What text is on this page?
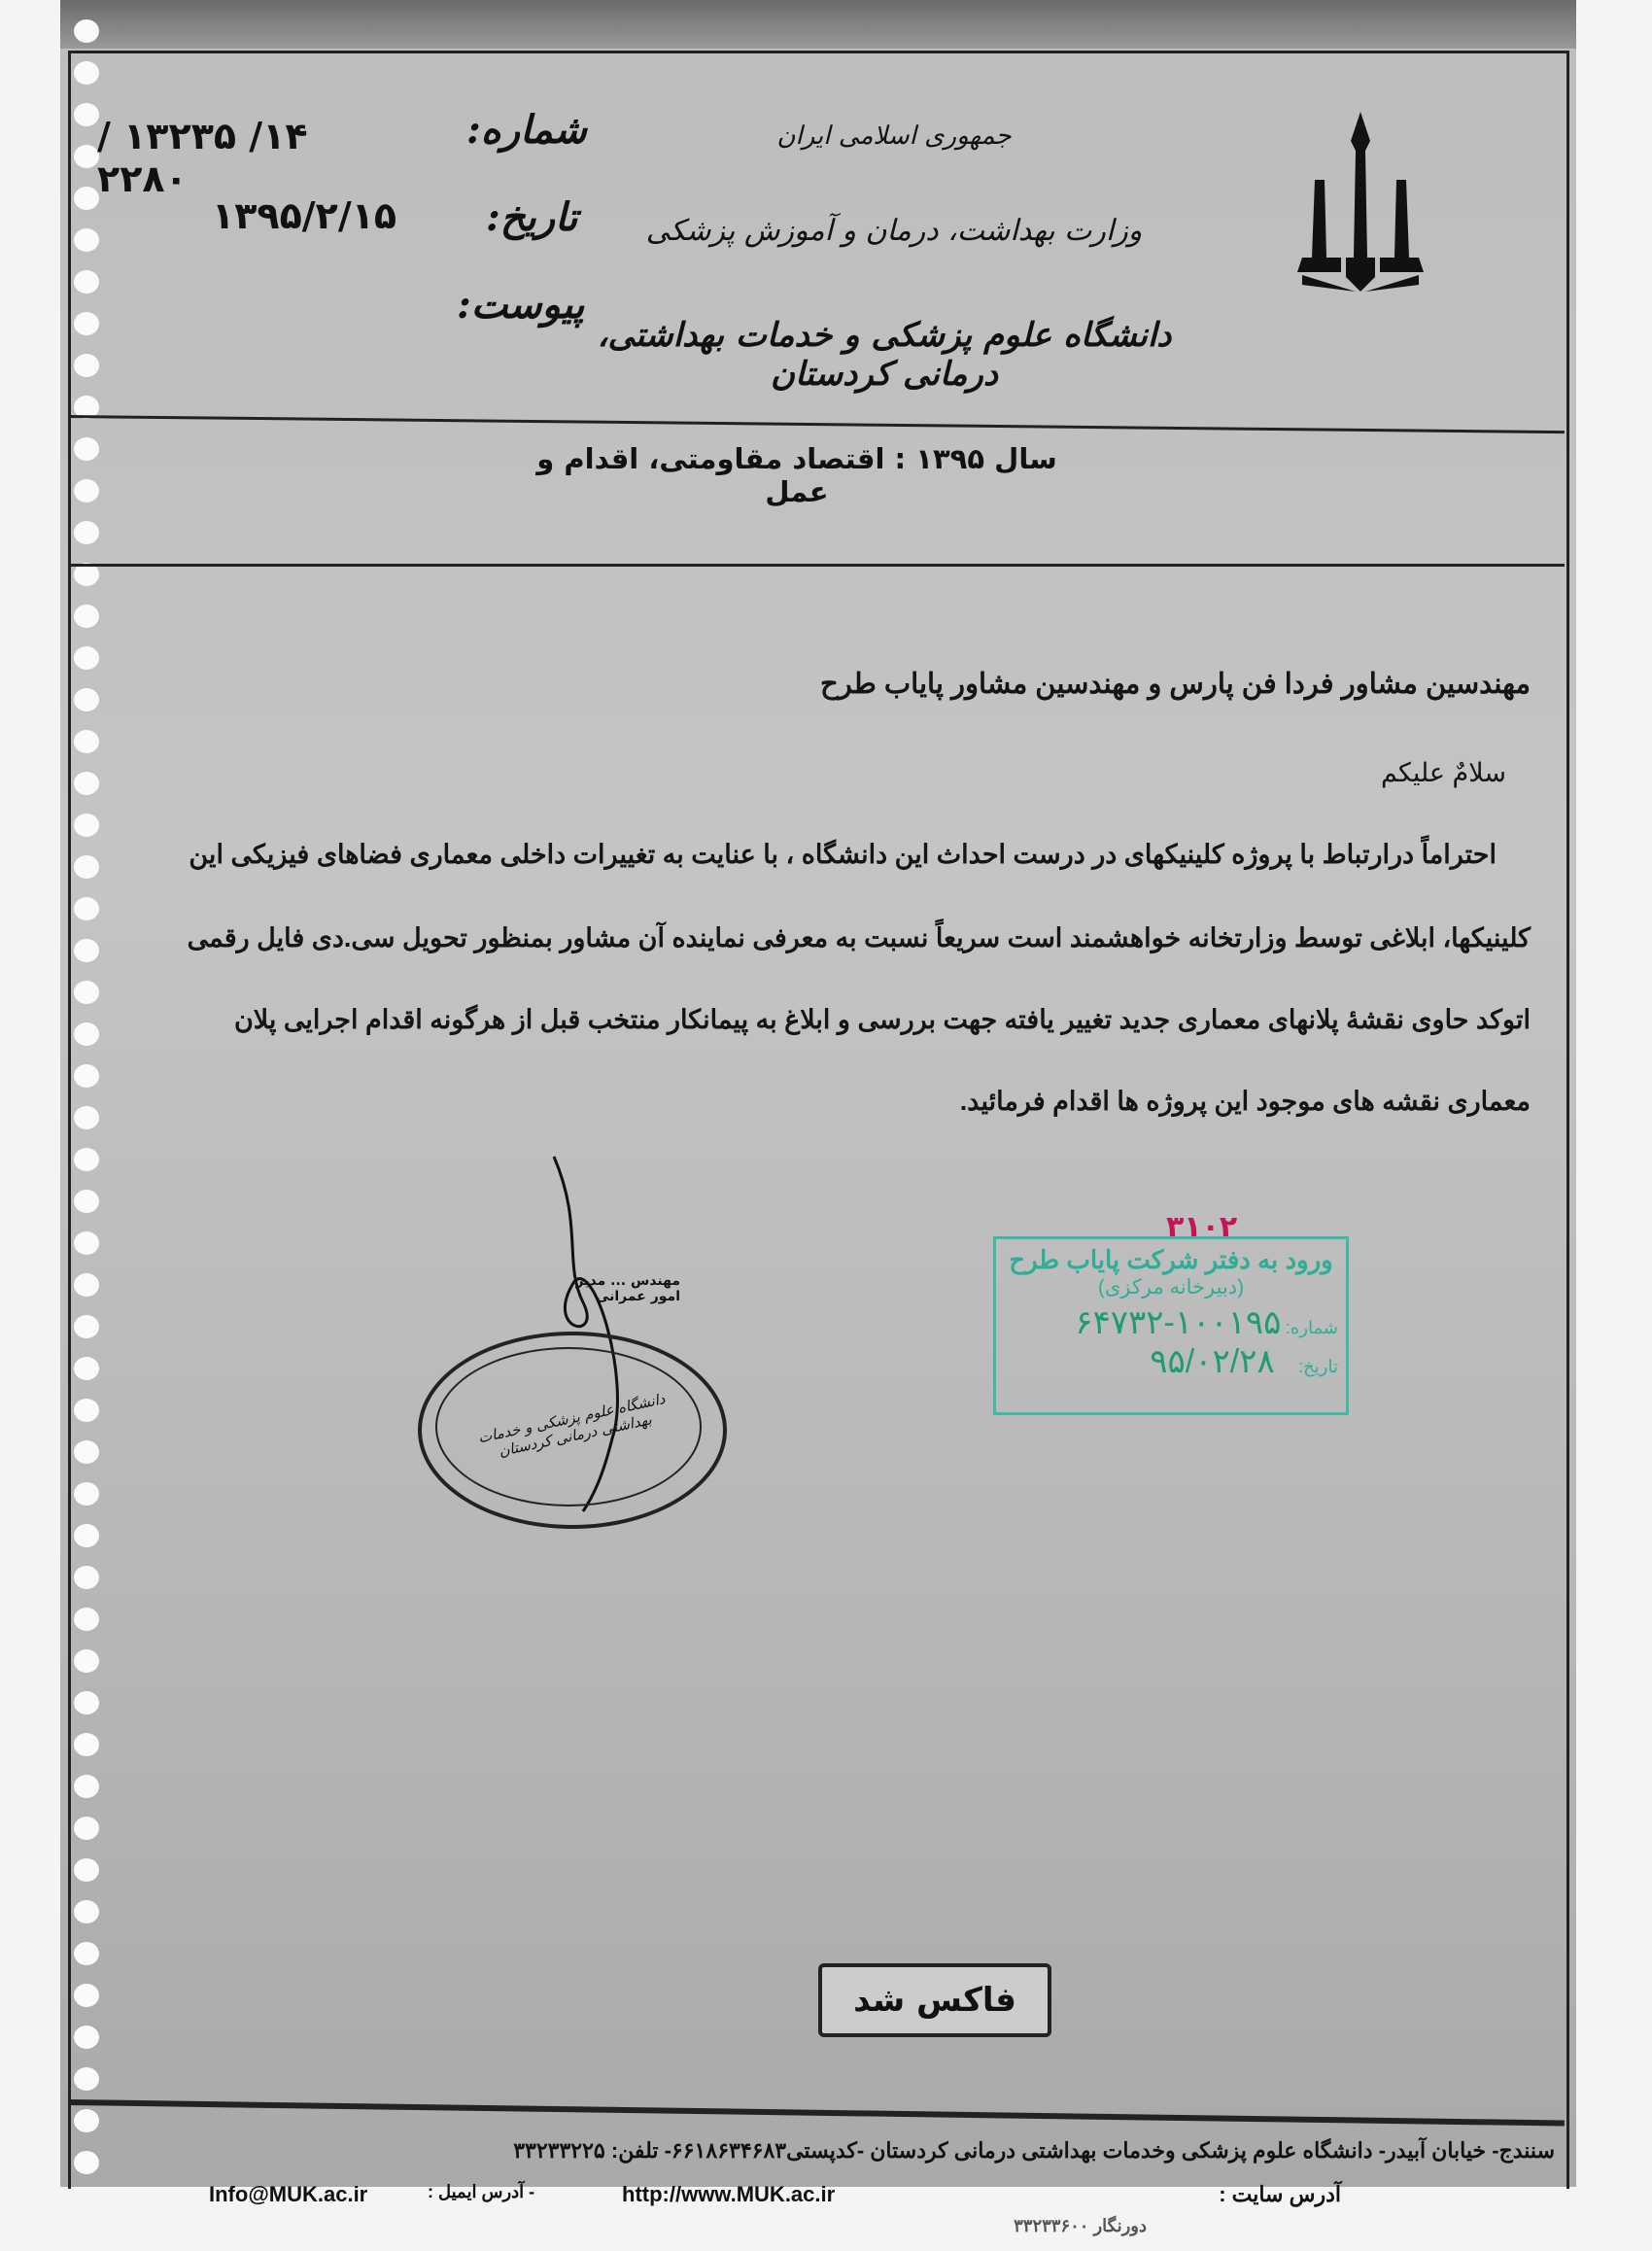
۱۴/ ۱۳۲۳۵ / ۲۲۸۰
شماره:
۱۳۹۵/۲/۱۵ تاریخ:
پیوست:
جمهوری اسلامی ایران
وزارت بهداشت، درمان و آموزش پزشکی
دانشگاه علوم پزشکی و خدمات بهداشتی، درمانی کردستان
سال ۱۳۹۵ : اقتصاد مقاومتی، اقدام و عمل
مهندسین مشاور فردا فن پارس و مهندسین مشاور پایاب طرح
سلامٌ علیکم
احتراماً درارتباط با پروژه کلینیکهای در درست احداث این دانشگاه ، با عنایت به تغییرات داخلی معماری فضاهای فیزیکی این
کلینیکها، ابلاغی توسط وزارتخانه خواهشمند است سریعاً نسبت به معرفی نماینده آن مشاور بمنظور تحویل سی.دی فایل رقمی
اتوکد حاوی نقشهٔ پلانهای معماری جدید تغییر یافته جهت بررسی و ابلاغ به پیمانکار منتخب قبل از هرگونه اقدام اجرایی پلان
معماری نقشه های موجود این پروژه ها اقدام فرمائید.
مهندس ... مدیر امور عمرانی
دانشگاه علوم پزشکی و خدمات بهداشتی درمانی کردستان
۳۱۰۲
ورود به دفتر شرکت پایاب طرح
(دبیرخانه مرکزی)
شماره: ۱۰۰۱۹۵-۶۴۷۳۲
تاریخ: ۹۵/۰۲/۲۸
فاکس شد
سنندج- خیابان آبیدر- دانشگاه علوم پزشکی وخدمات بهداشتی درمانی کردستان -کدپستی۶۶۱۸۶۳۴۶۸۳- تلفن: ۳۳۲۳۳۲۲۵
آدرس سایت :
http://www.MUK.ac.ir
- آدرس ایمیل :
Info@MUK.ac.ir
دورنگار ۳۳۲۳۳۶۰۰
